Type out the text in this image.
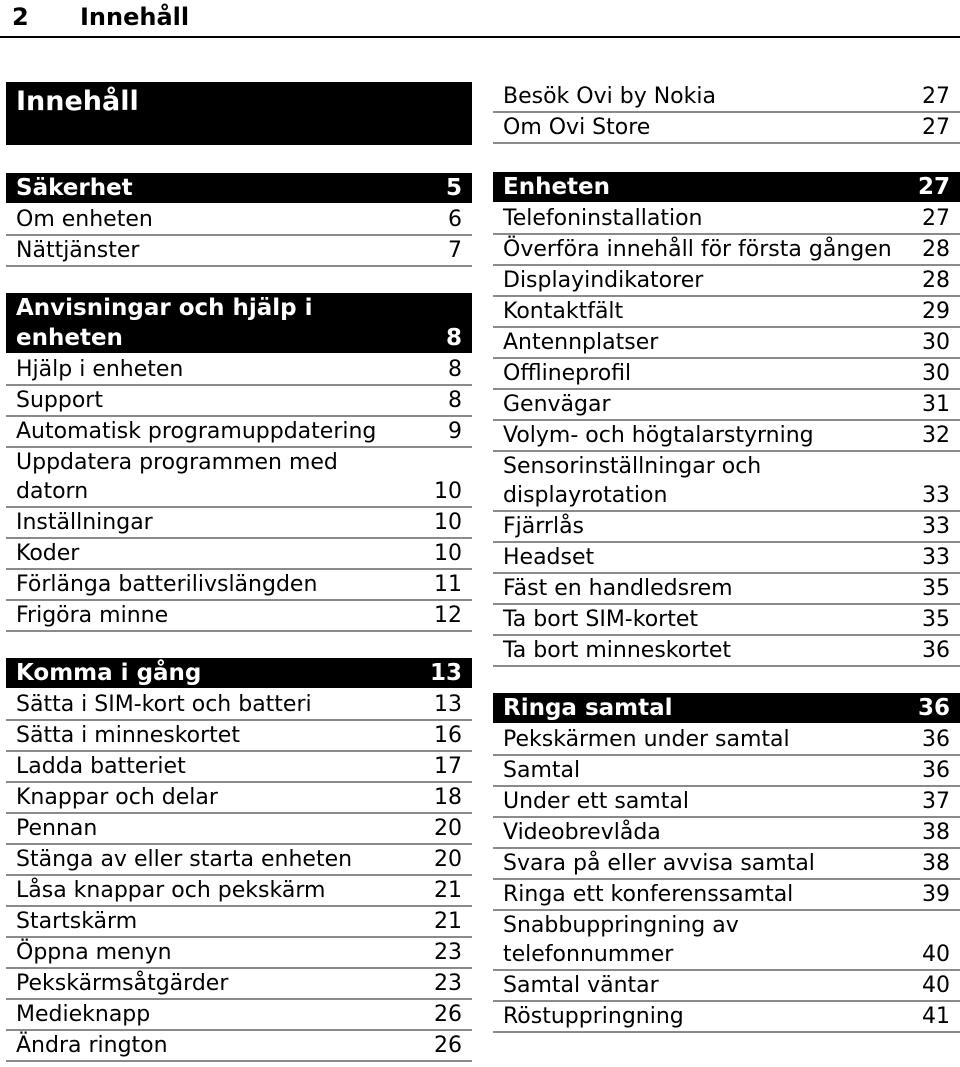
2 Innehåll
Innehåll
Säkerhet	5
Om enheten	6
Nättjänster	7
Anvisningar och hjälp i enheten	8
Hjälp i enheten	8
Support	8
Automatisk programuppdatering	9
Uppdatera programmen med datorn	10
Inställningar	10
Koder	10
Förlänga batterilivslängden	11
Frigöra minne	12
Komma i gång	13
Sätta i SIM-kort och batteri	13
Sätta i minneskortet	16
Ladda batteriet	17
Knappar och delar	18
Pennan	20
Stänga av eller starta enheten	20
Låsa knappar och pekskärm	21
Startskärm	21
Öppna menyn	23
Pekskärmsåtgärder	23
Medieknapp	26
Ändra rington	26
Besök Ovi by Nokia	27
Om Ovi Store	27
Enheten	27
Telefoninstallation	27
Överföra innehåll för första gången	28
Displayindikatorer	28
Kontaktfält	29
Antennplatser	30
Offlineprofil	30
Genvägar	31
Volym- och högtalarstyrning	32
Sensorinställningar och displayrotation	33
Fjärrlås	33
Headset	33
Fäst en handledsrem	35
Ta bort SIM-kortet	35
Ta bort minneskortet	36
Ringa samtal	36
Pekskärmen under samtal	36
Samtal	36
Under ett samtal	37
Videobrevlåda	38
Svara på eller avvisa samtal	38
Ringa ett konferenssamtal	39
Snabbuppringning av telefonnummer	40
Samtal väntar	40
Röstuppringning	41
